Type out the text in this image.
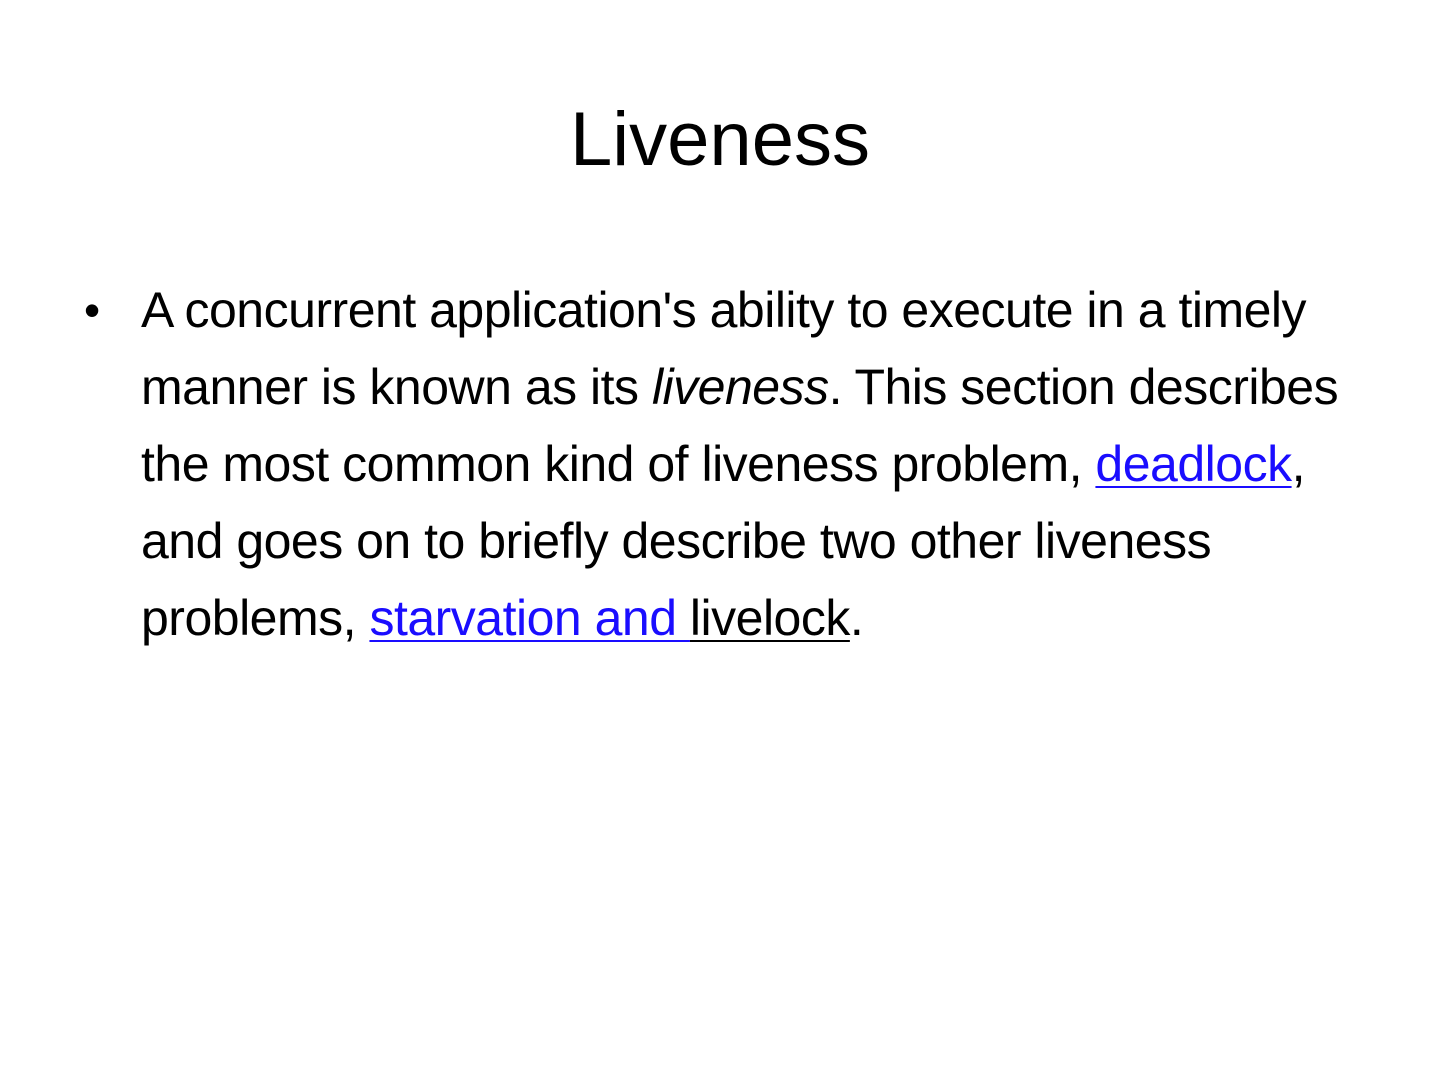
Liveness
• A concurrent application's ability to execute in a timely manner is known as its liveness. This section describes the most common kind of liveness problem, deadlock, and goes on to briefly describe two other liveness problems, starvation and livelock.
